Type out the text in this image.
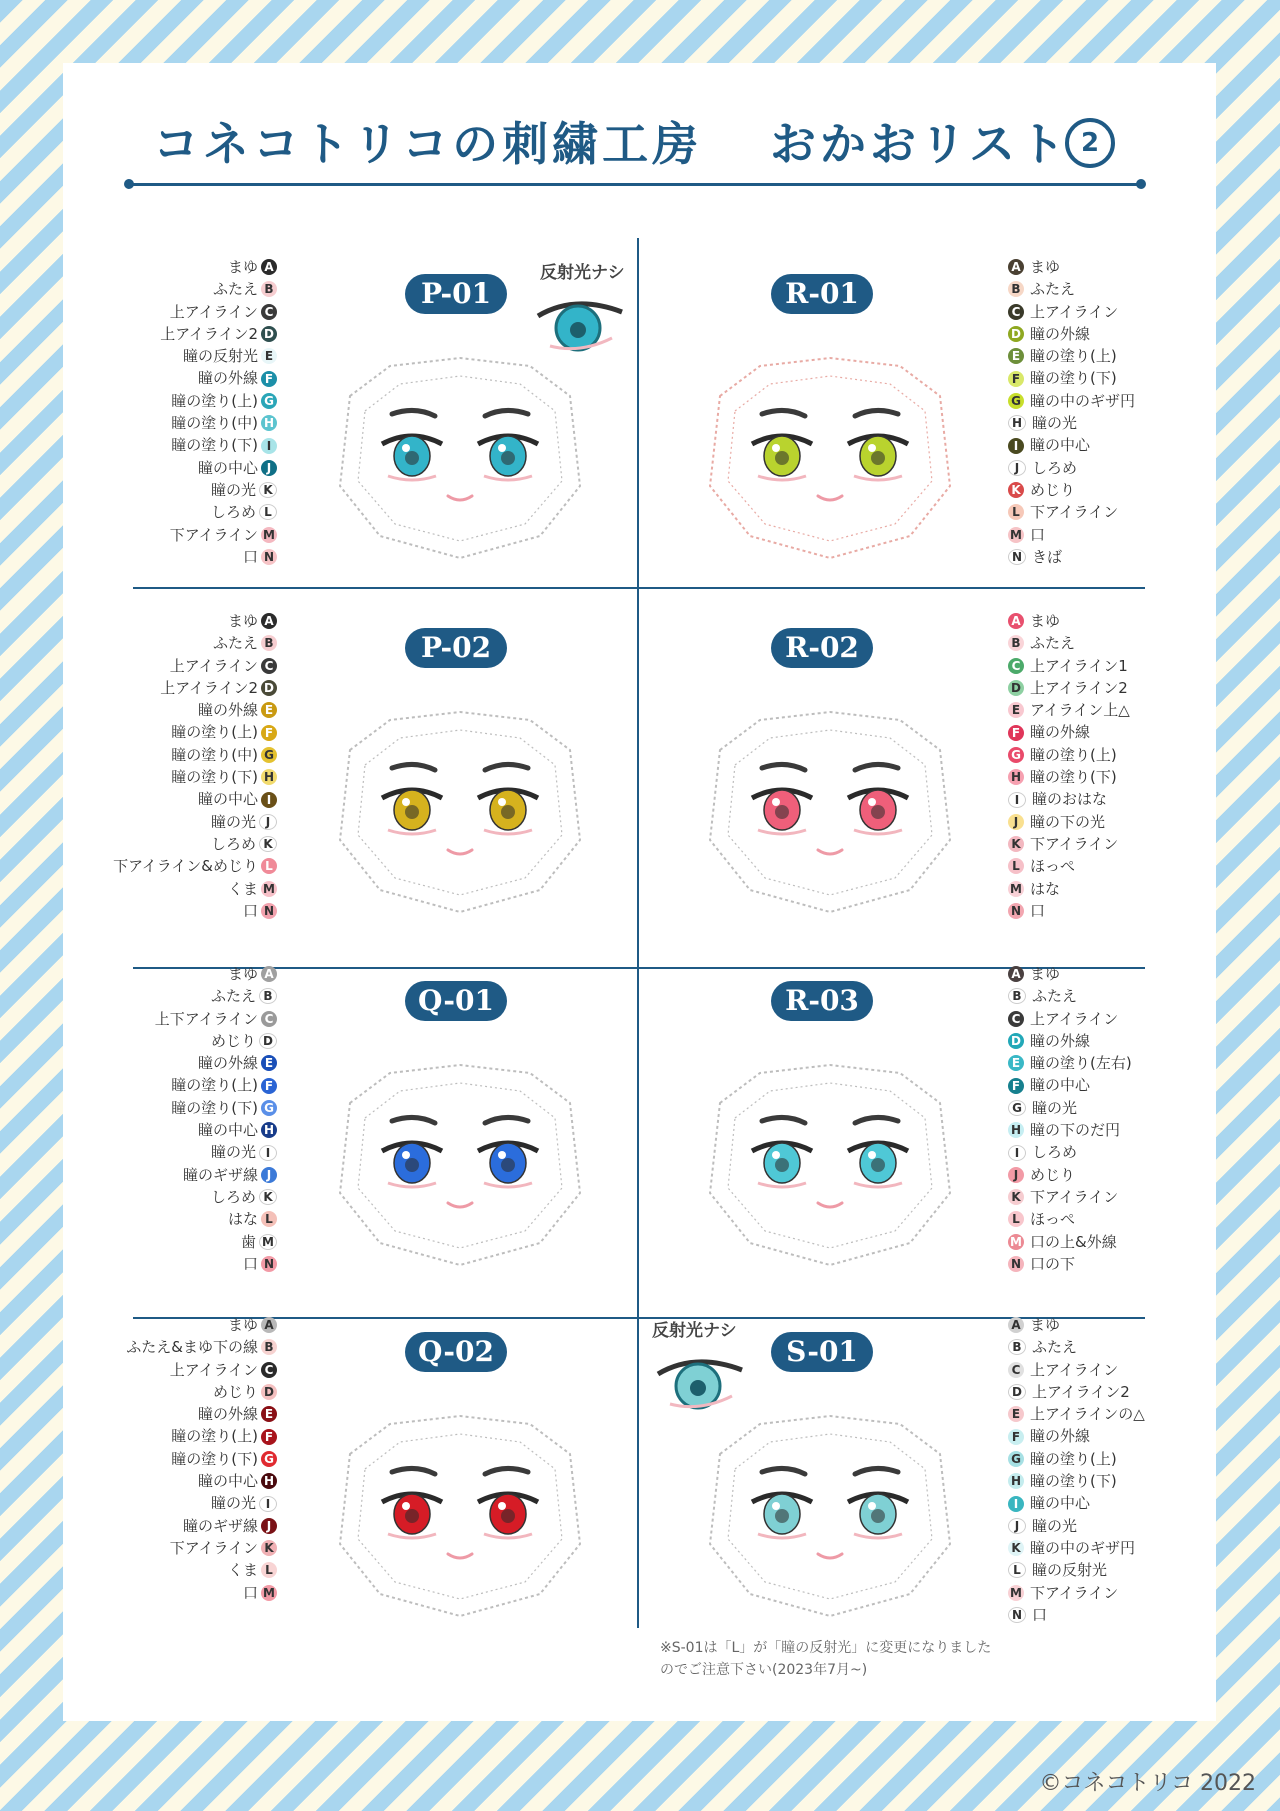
コネコトリコの刺繍工房 おかおリスト 2
P-01
反射光ナシ
まゆ A
ふたえ B
上アイライン C
上アイライン2 D
瞳の反射光 E
瞳の外線 F
瞳の塗り(上) G
瞳の塗り(中) H
瞳の塗り(下) I
瞳の中心 J
瞳の光 K
しろめ L
下アイライン M
口 N
R-01
A まゆ
B ふたえ
C 上アイライン
D 瞳の外線
E 瞳の塗り(上)
F 瞳の塗り(下)
G 瞳の中のギザ円
H 瞳の光
I 瞳の中心
J しろめ
K めじり
L 下アイライン
M 口
N きば
P-02
まゆ A
ふたえ B
上アイライン C
上アイライン2 D
瞳の外線 E
瞳の塗り(上) F
瞳の塗り(中) G
瞳の塗り(下) H
瞳の中心 I
瞳の光 J
しろめ K
下アイライン&めじり L
くま M
口 N
R-02
A まゆ
B ふたえ
C 上アイライン1
D 上アイライン2
E アイライン上△
F 瞳の外線
G 瞳の塗り(上)
H 瞳の塗り(下)
I 瞳のおはな
J 瞳の下の光
K 下アイライン
L ほっぺ
M はな
N 口
Q-01
まゆ A
ふたえ B
上下アイライン C
めじり D
瞳の外線 E
瞳の塗り(上) F
瞳の塗り(下) G
瞳の中心 H
瞳の光 I
瞳のギザ線 J
しろめ K
はな L
歯 M
口 N
R-03
A まゆ
B ふたえ
C 上アイライン
D 瞳の外線
E 瞳の塗り(左右)
F 瞳の中心
G 瞳の光
H 瞳の下のだ円
I しろめ
J めじり
K 下アイライン
L ほっぺ
M 口の上&外線
N 口の下
Q-02
まゆ A
ふたえ&まゆ下の線 B
上アイライン C
めじり D
瞳の外線 E
瞳の塗り(上) F
瞳の塗り(下) G
瞳の中心 H
瞳の光 I
瞳のギザ線 J
下アイライン K
くま L
口 M
S-01
反射光ナシ	A まゆ
B ふたえ
C 上アイライン
D 上アイライン2
E 上アイラインの△
F 瞳の外線
G 瞳の塗り(上)
H 瞳の塗り(下)
I 瞳の中心
J 瞳の光
K 瞳の中のギザ円
L 瞳の反射光
M 下アイライン
N 口
※S-01は「L」が「瞳の反射光」に変更になりました
のでご注意下さい(2023年7月~)
©コネコトリコ 2022
